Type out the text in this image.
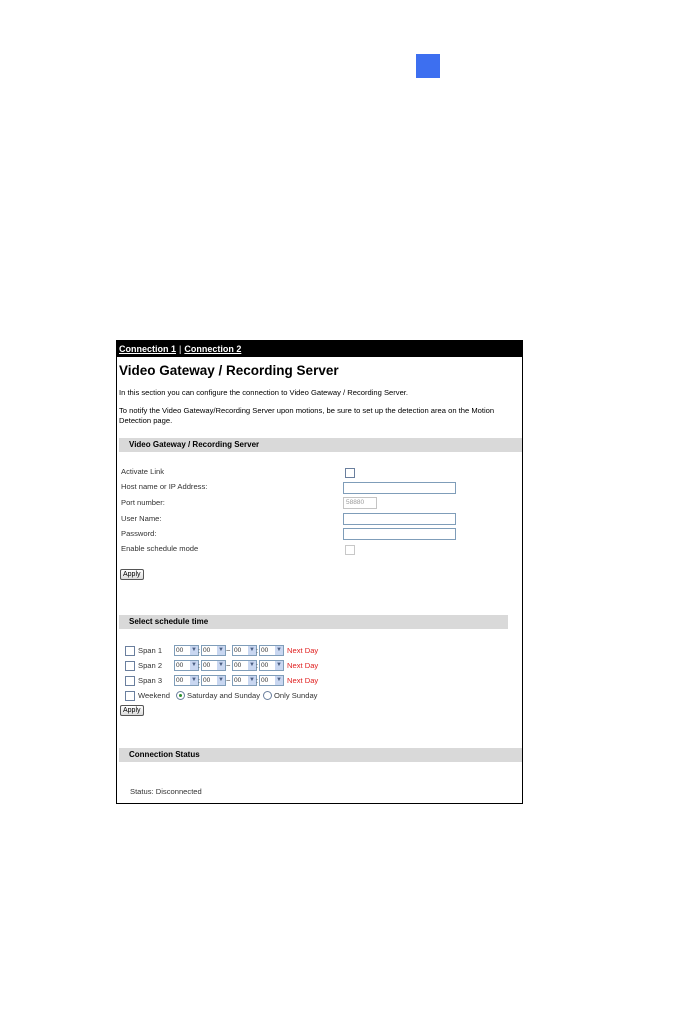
Connection 1 | Connection 2
Video Gateway / Recording Server
In this section you can configure the connection to Video Gateway / Recording Server.
To notify the Video Gateway/Recording Server upon motions, be sure to set up the detection area on the Motion Detection page.
Video Gateway / Recording Server
Activate Link
Host name or IP Address:
Port number:	58880
User Name:
Password:
Enable schedule mode
Apply
Select schedule time
Span 1	00 ▼ : 00 ▼ ~ 00 ▼ : 00 ▼ Next Day
Span 2	00 ▼ : 00 ▼ ~ 00 ▼ : 00 ▼ Next Day
Span 3	00 ▼ : 00 ▼ ~ 00 ▼ : 00 ▼ Next Day
Weekend Saturday and Sunday Only Sunday
Apply
Connection Status
Status: Disconnected
